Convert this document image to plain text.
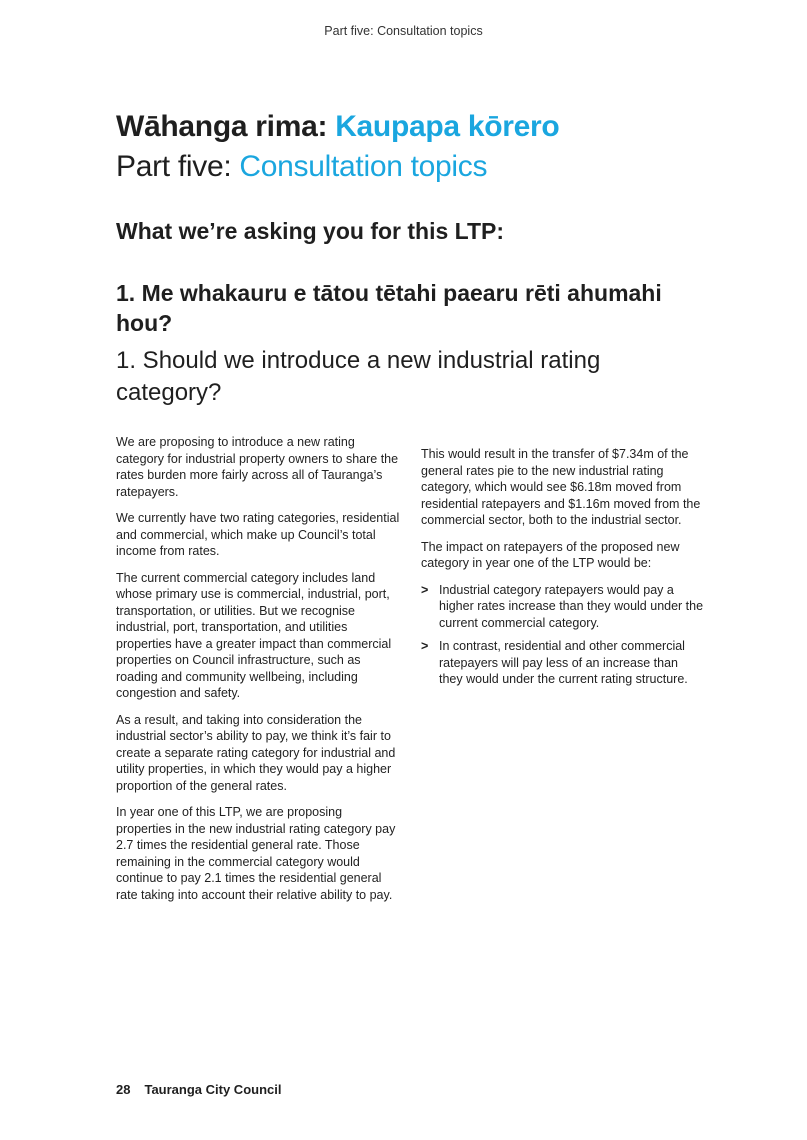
Part five: Consultation topics
Wāhanga rima: Kaupapa kōrero
Part five: Consultation topics
What we’re asking you for this LTP:
1. Me whakauru e tātou tētahi paearu rēti ahumahi hou?
1. Should we introduce a new industrial rating category?

We are proposing to introduce a new rating category for industrial property owners to share the rates burden more fairly across all of Tauranga’s ratepayers.

We currently have two rating categories, residential and commercial, which make up Council’s total income from rates.

The current commercial category includes land whose primary use is commercial, industrial, port, transportation, or utilities. But we recognise industrial, port, transportation, and utilities properties have a greater impact than commercial properties on Council infrastructure, such as roading and community wellbeing, including congestion and safety.

As a result, and taking into consideration the industrial sector’s ability to pay, we think it’s fair to create a separate rating category for industrial and utility properties, in which they would pay a higher proportion of the general rates.

In year one of this LTP, we are proposing properties in the new industrial rating category pay 2.7 times the residential general rate. Those remaining in the commercial category would continue to pay 2.1 times the residential general rate taking into account their relative ability to pay.

This would result in the transfer of $7.34m of the general rates pie to the new industrial rating category, which would see $6.18m moved from residential ratepayers and $1.16m moved from the commercial sector, both to the industrial sector.

The impact on ratepayers of the proposed new category in year one of the LTP would be:

> Industrial category ratepayers would pay a higher rates increase than they would under the current commercial category.
> In contrast, residential and other commercial ratepayers will pay less of an increase than they would under the current rating structure.
28 Tauranga City Council
